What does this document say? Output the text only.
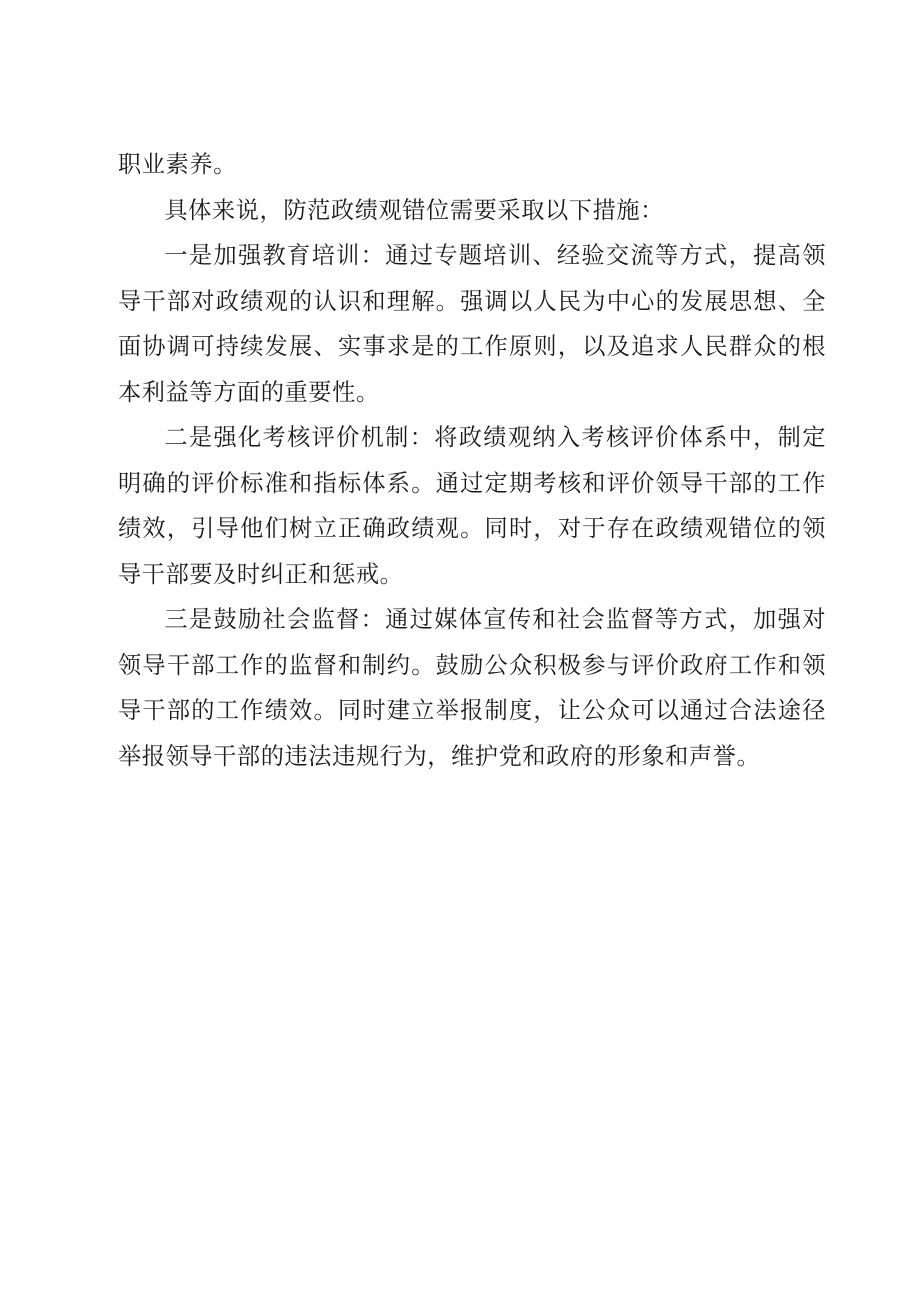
职业素养。

具体来说，防范政绩观错位需要采取以下措施：

一是加强教育培训：通过专题培训、经验交流等方式，提高领导干部对政绩观的认识和理解。强调以人民为中心的发展思想、全面协调可持续发展、实事求是的工作原则，以及追求人民群众的根本利益等方面的重要性。

二是强化考核评价机制：将政绩观纳入考核评价体系中，制定明确的评价标准和指标体系。通过定期考核和评价领导干部的工作绩效，引导他们树立正确政绩观。同时，对于存在政绩观错位的领导干部要及时纠正和惩戒。

三是鼓励社会监督：通过媒体宣传和社会监督等方式，加强对领导干部工作的监督和制约。鼓励公众积极参与评价政府工作和领导干部的工作绩效。同时建立举报制度，让公众可以通过合法途径举报领导干部的违法违规行为，维护党和政府的形象和声誉。
